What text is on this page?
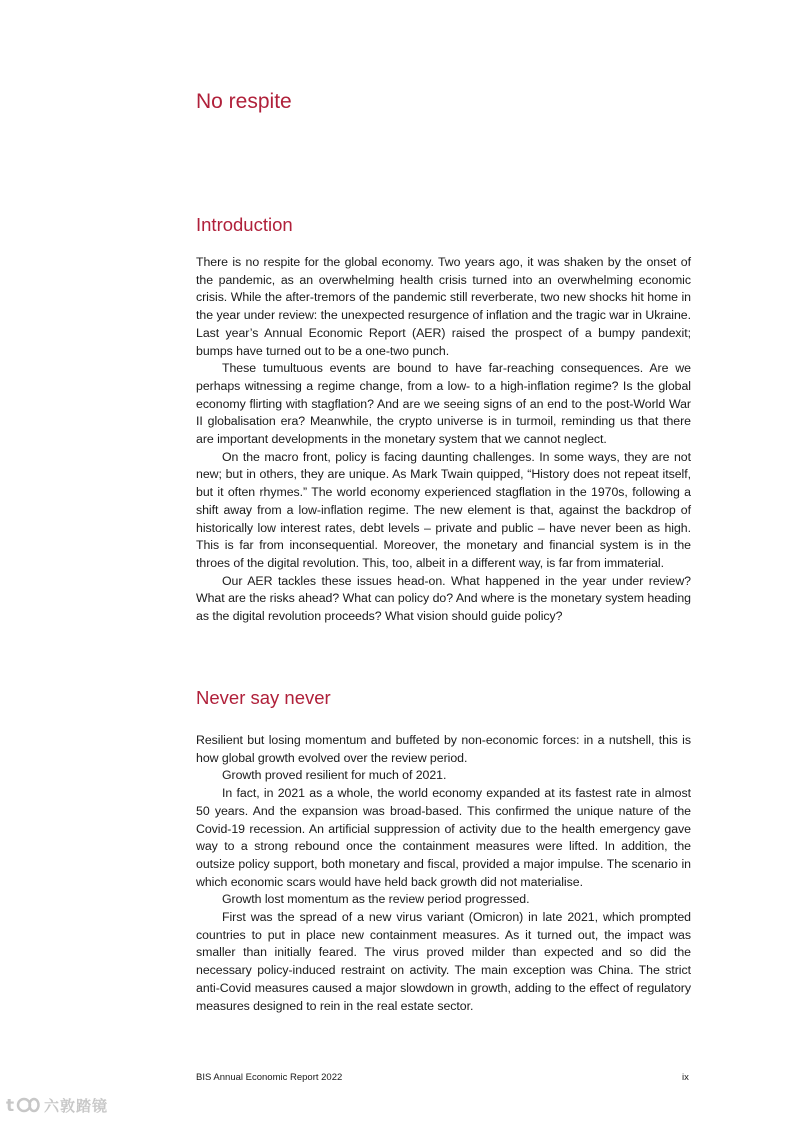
No respite
Introduction

There is no respite for the global economy. Two years ago, it was shaken by the onset of the pandemic, as an overwhelming health crisis turned into an overwhelming economic crisis. While the after-tremors of the pandemic still reverberate, two new shocks hit home in the year under review: the unexpected resurgence of inflation and the tragic war in Ukraine. Last year’s Annual Economic Report (AER) raised the prospect of a bumpy pandexit; bumps have turned out to be a one-two punch.

These tumultuous events are bound to have far-reaching consequences. Are we perhaps witnessing a regime change, from a low- to a high-inflation regime? Is the global economy flirting with stagflation? And are we seeing signs of an end to the post-World War II globalisation era? Meanwhile, the crypto universe is in turmoil, reminding us that there are important developments in the monetary system that we cannot neglect.

On the macro front, policy is facing daunting challenges. In some ways, they are not new; but in others, they are unique. As Mark Twain quipped, “History does not repeat itself, but it often rhymes.” The world economy experienced stagflation in the 1970s, following a shift away from a low-inflation regime. The new element is that, against the backdrop of historically low interest rates, debt levels – private and public – have never been as high. This is far from inconsequential. Moreover, the monetary and financial system is in the throes of the digital revolution. This, too, albeit in a different way, is far from immaterial.

Our AER tackles these issues head-on. What happened in the year under review? What are the risks ahead? What can policy do? And where is the monetary system heading as the digital revolution proceeds? What vision should guide policy?

Never say never

Resilient but losing momentum and buffeted by non-economic forces: in a nutshell, this is how global growth evolved over the review period.

Growth proved resilient for much of 2021.

In fact, in 2021 as a whole, the world economy expanded at its fastest rate in almost 50 years. And the expansion was broad-based. This confirmed the unique nature of the Covid-19 recession. An artificial suppression of activity due to the health emergency gave way to a strong rebound once the containment measures were lifted. In addition, the outsize policy support, both monetary and fiscal, provided a major impulse. The scenario in which economic scars would have held back growth did not materialise.

Growth lost momentum as the review period progressed.

First was the spread of a new virus variant (Omicron) in late 2021, which prompted countries to put in place new containment measures. As it turned out, the impact was smaller than initially feared. The virus proved milder than expected and so did the necessary policy-induced restraint on activity. The main exception was China. The strict anti-Covid measures caused a major slowdown in growth, adding to the effect of regulatory measures designed to rein in the real estate sector.

BIS Annual Economic Report 2022	ix
t 六敦踏镜
